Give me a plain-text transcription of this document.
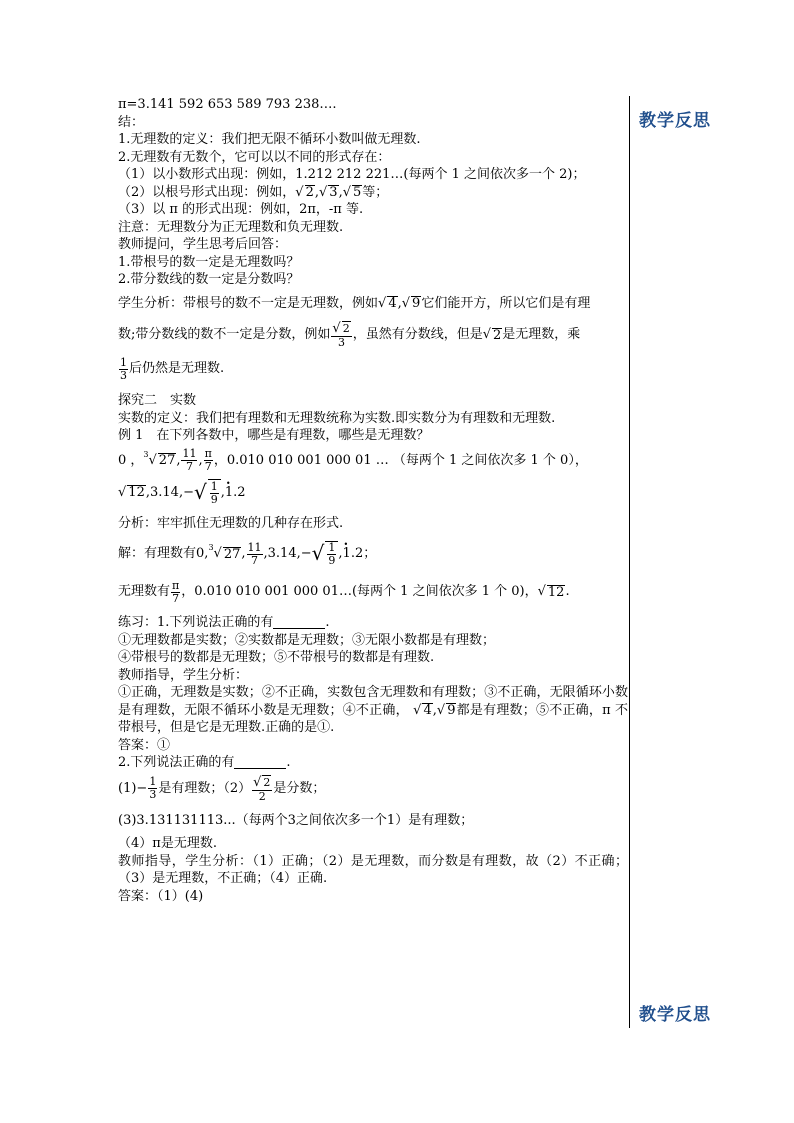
教学反思
教学反思

π=3.141 592 653 589 793 238….

结：

1.无理数的定义：我们把无限不循环小数叫做无理数.

2.无理数有无数个，它可以以不同的形式存在：

（1）以小数形式出现：例如，1.212 212 221…(每两个 1 之间依次多一个 2)；

（2）以根号形式出现：例如， √ 2 , √ 3 , √ 5 等；

（3）以 π 的形式出现：例如，2π，-π 等.

注意：无理数分为正无理数和负无理数.

教师提问，学生思考后回答：

1.带根号的数一定是无理数吗？

2.带分数线的数一定是分数吗？

学生分析：带根号的数不一定是无理数，例如 √ 4 , √ 9 它们能开方，所以它们是有理
数;带分数线的数不一定是分数，例如 $\frac{√ 2}{3}$ ，虽然有分数线，但是 √ 2 是无理数，乘
$\frac{1}{3}$ 后仍然是无理数.

探究二　实数

实数的定义：我们把有理数和无理数统称为实数.即实数分为有理数和无理数.

例 1　在下列各数中，哪些是有理数，哪些是无理数？

0 ， 3 √ 27 , $\frac{11}{7}$ , $\frac{\pi}{7}$ ，0.010 010 001 000 01 … （每两个 1 之间依次多 1 个 0），
√ 12 , 3.14 , − √ $\frac{1}{9}$ , • 1.2

分析：牢牢抓住无理数的几种存在形式.

解：有理数有 0 , 3 √ 27 , $\frac{11}{7}$ , 3.14 , − √ $\frac{1}{9}$ , • 1.2 ；
无理数有 $\frac{\pi}{7}$ ，0.010 010 001 000 01…(每两个 1 之间依次多 1 个 0)， √ 12 .
练习：1.下列说法正确的有	.

①无理数都是实数；②实数都是无理数；③无限小数都是有理数；

④带根号的数都是无理数；⑤不带根号的数都是有理数.

教师指导，学生分析：

①正确，无理数是实数；②不正确，实数包含无理数和有理数；③不正确，无限循环小数是有理数，无限不循环小数是无理数；④不正确， √ 4,√ 9都是有理数；⑤不正确，π 不带根号，但是它是无理数.正确的是①.

答案：①

2.下列说法正确的有	.
$(1)- \frac{1}{3}$ 是有理数；$(2) \frac{√ 2}{2}$ 是分数；

(3)3.131131113...（每两个3之间依次多一个1）是有理数；

（4）π是无理数.

教师指导，学生分析：（1）正确；（2）是无理数，而分数是有理数，故（2）不正确；（3）是无理数，不正确；（4）正确.

答案：（1）(4)
